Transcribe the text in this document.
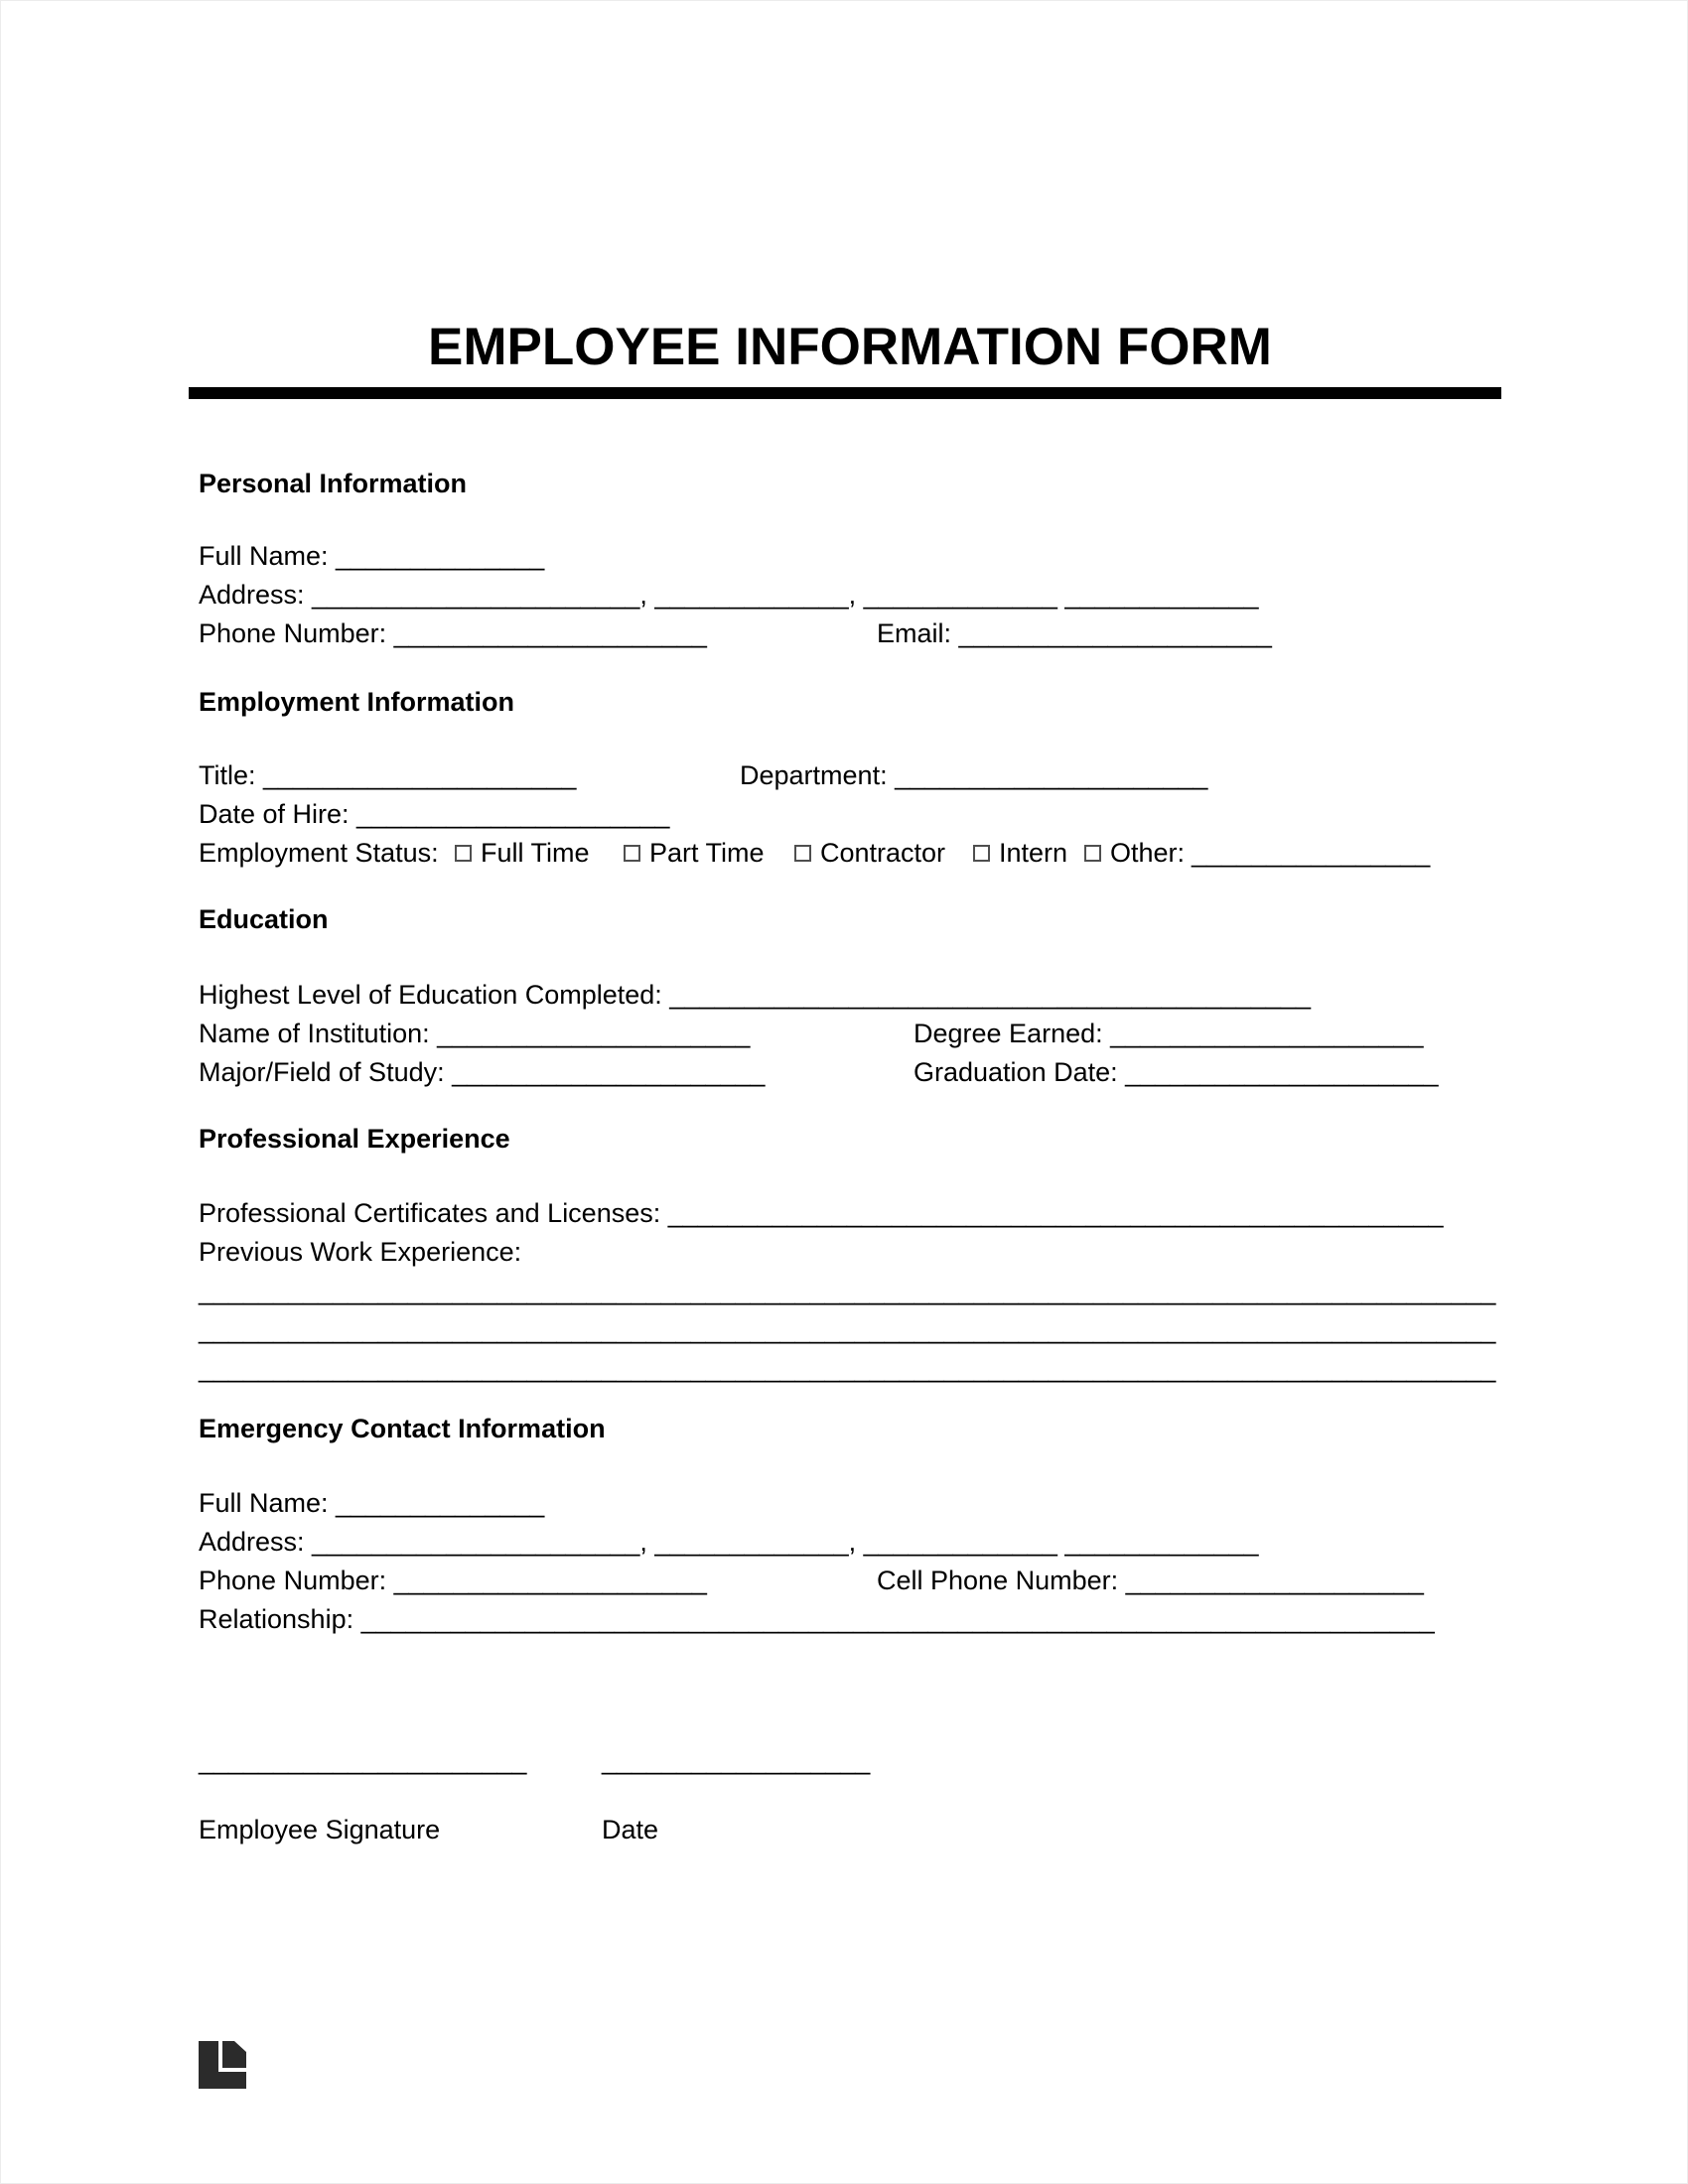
EMPLOYEE INFORMATION FORM
Personal Information
Full Name: ______________
Address: ______________________, _____________, _____________ _____________
Phone Number: _____________________	Email: _____________________
Employment Information
Title: _____________________	Department: _____________________
Date of Hire: _____________________
Employment Status:	Full Time	Part Time	Contractor	Intern	Other: ________________
Education
Highest Level of Education Completed: ___________________________________________
Name of Institution: _____________________	Degree Earned: _____________________
Major/Field of Study: _____________________	Graduation Date: _____________________
Professional Experience
Professional Certificates and Licenses: ____________________________________________________
Previous Work Experience:
_______________________________________________________________________________________
_______________________________________________________________________________________
_______________________________________________________________________________________
Emergency Contact Information
Full Name: ______________
Address: ______________________, _____________, _____________ _____________
Phone Number: _____________________	Cell Phone Number: ____________________
Relationship: ________________________________________________________________________
______________________	__________________
Employee Signature	Date
